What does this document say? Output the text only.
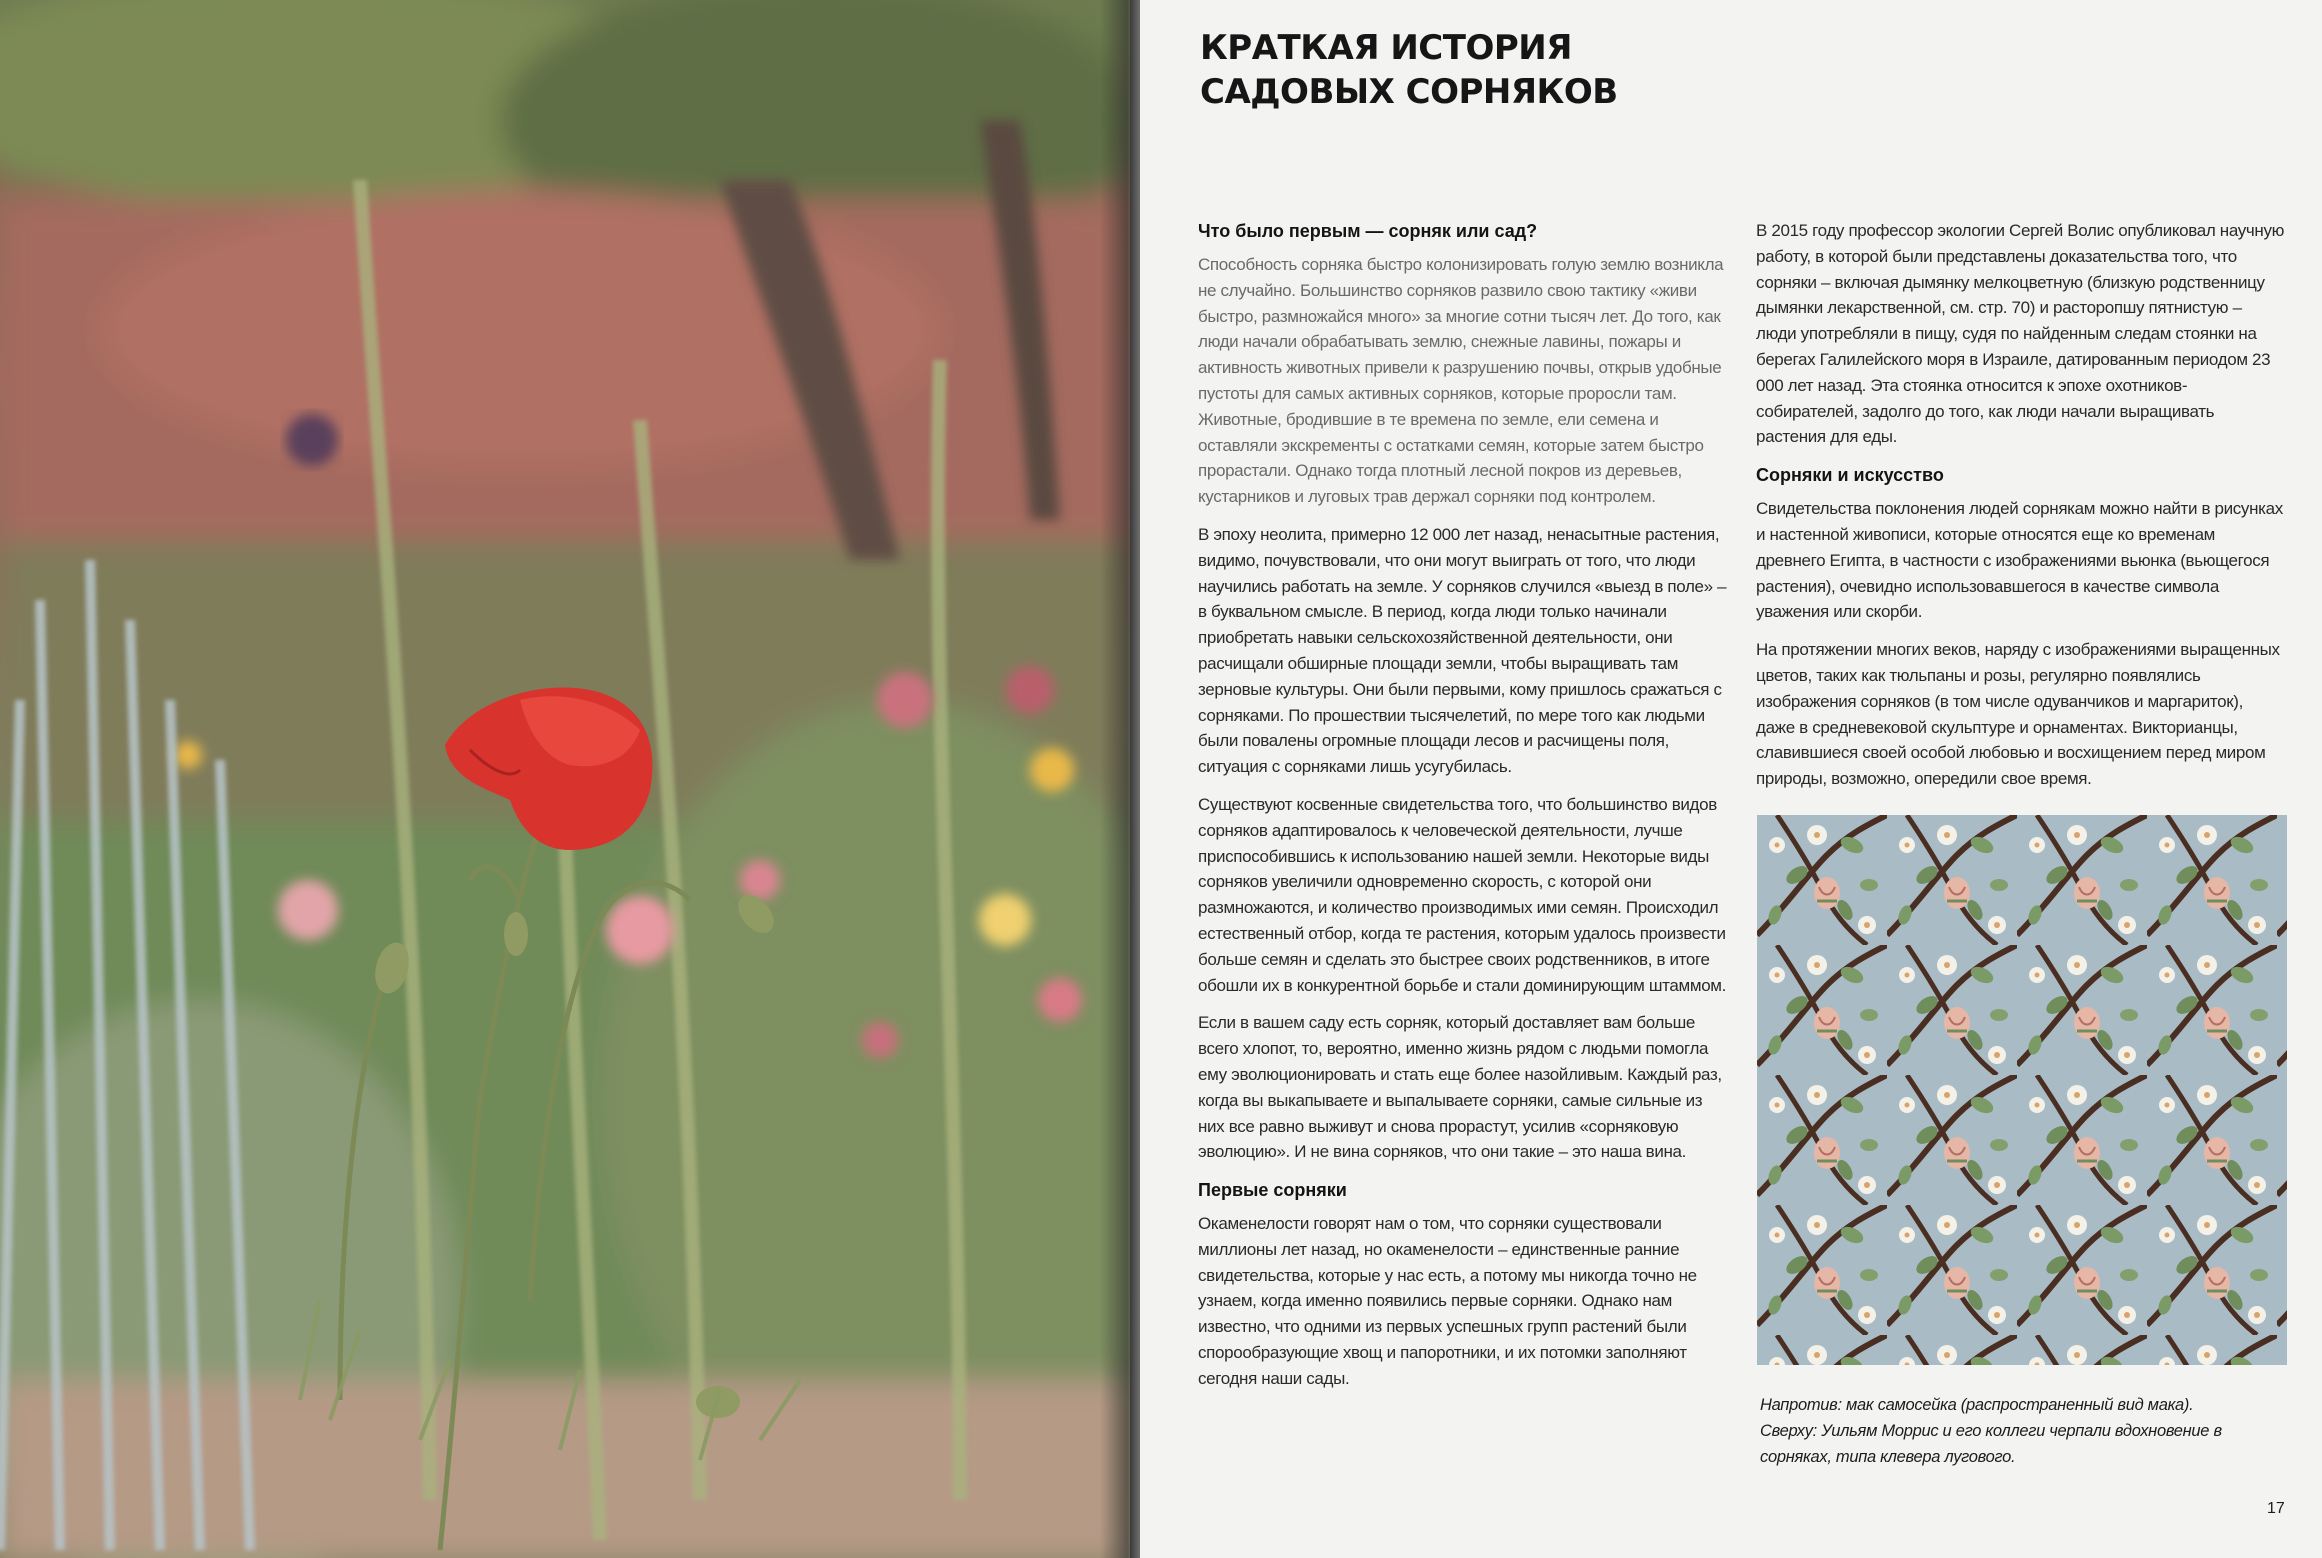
КРАТКАЯ ИСТОРИЯ
САДОВЫХ СОРНЯКОВ
Что было первым — сорняк или сад?

Способность сорняка быстро колонизировать голую землю возникла не случайно. Большинство сорняков развило свою тактику «живи быстро, размножайся много» за многие сотни тысяч лет. До того, как люди начали обрабатывать землю, снежные лавины, пожары и активность животных привели к разрушению почвы, открыв удобные пустоты для самых активных сорняков, которые проросли там. Животные, бродившие в те времена по земле, ели семена и оставляли экскременты с остатками семян, которые затем быстро прорастали. Однако тогда плотный лесной покров из деревьев, кустарников и луговых трав держал сорняки под контролем.

В эпоху неолита, примерно 12 000 лет назад, ненасытные растения, видимо, почувствовали, что они могут выиграть от того, что люди научились работать на земле. У сорняков случился «выезд в поле» – в буквальном смысле. В период, когда люди только начинали приобретать навыки сельскохозяйственной деятельности, они расчищали обширные площади земли, чтобы выращивать там зерновые культуры. Они были первыми, кому пришлось сражаться с сорняками. По прошествии тысячелетий, по мере того как людьми были повалены огромные площади лесов и расчищены поля, ситуация с сорняками лишь усугубилась.

Существуют косвенные свидетельства того, что большинство видов сорняков адаптировалось к человеческой деятельности, лучше приспособившись к использованию нашей земли. Некоторые виды сорняков увеличили одновременно скорость, с которой они размножаются, и количество производимых ими семян. Происходил естественный отбор, когда те растения, которым удалось произвести больше семян и сделать это быстрее своих родственников, в итоге обошли их в конкурентной борьбе и стали доминирующим штаммом.

Если в вашем саду есть сорняк, который доставляет вам больше всего хлопот, то, вероятно, именно жизнь рядом с людьми помогла ему эволюционировать и стать еще более назойливым. Каждый раз, когда вы выкапываете и выпалываете сорняки, самые сильные из них все равно выживут и снова прорастут, усилив «сорняковую эволюцию». И не вина сорняков, что они такие – это наша вина.

Первые сорняки

Окаменелости говорят нам о том, что сорняки существовали миллионы лет назад, но окаменелости – единственные ранние свидетельства, которые у нас есть, а потому мы никогда точно не узнаем, когда именно появились первые сорняки. Однако нам известно, что одними из первых успешных групп растений были спорообразующие хвощ и папоротники, и их потомки заполняют сегодня наши сады.

В 2015 году профессор экологии Сергей Волис опубликовал научную работу, в которой были представлены доказательства того, что сорняки – включая дымянку мелкоцветную (близкую родственницу дымянки лекарственной, см. стр. 70) и расторопшу пятнистую – люди употребляли в пищу, судя по найденным следам стоянки на берегах Галилейского моря в Израиле, датированным периодом 23 000 лет назад. Эта стоянка относится к эпохе охотников-собирателей, задолго до того, как люди начали выращивать растения для еды.

Сорняки и искусство

Свидетельства поклонения людей сорнякам можно найти в рисунках и настенной живописи, которые относятся еще ко временам древнего Египта, в частности с изображениями вьюнка (вьющегося растения), очевидно использовавшегося в качестве символа уважения или скорби.

На протяжении многих веков, наряду с изображениями выращенных цветов, таких как тюльпаны и розы, регулярно появлялись изображения сорняков (в том числе одуванчиков и маргариток), даже в средневековой скульптуре и орнаментах. Викторианцы, славившиеся своей особой любовью и восхищением перед миром природы, возможно, опередили свое время.

Напротив: мак самосейка (распространенный вид мака).
Сверху: Уильям Моррис и его коллеги черпали вдохновение в
сорняках, типа клевера лугового.
17
